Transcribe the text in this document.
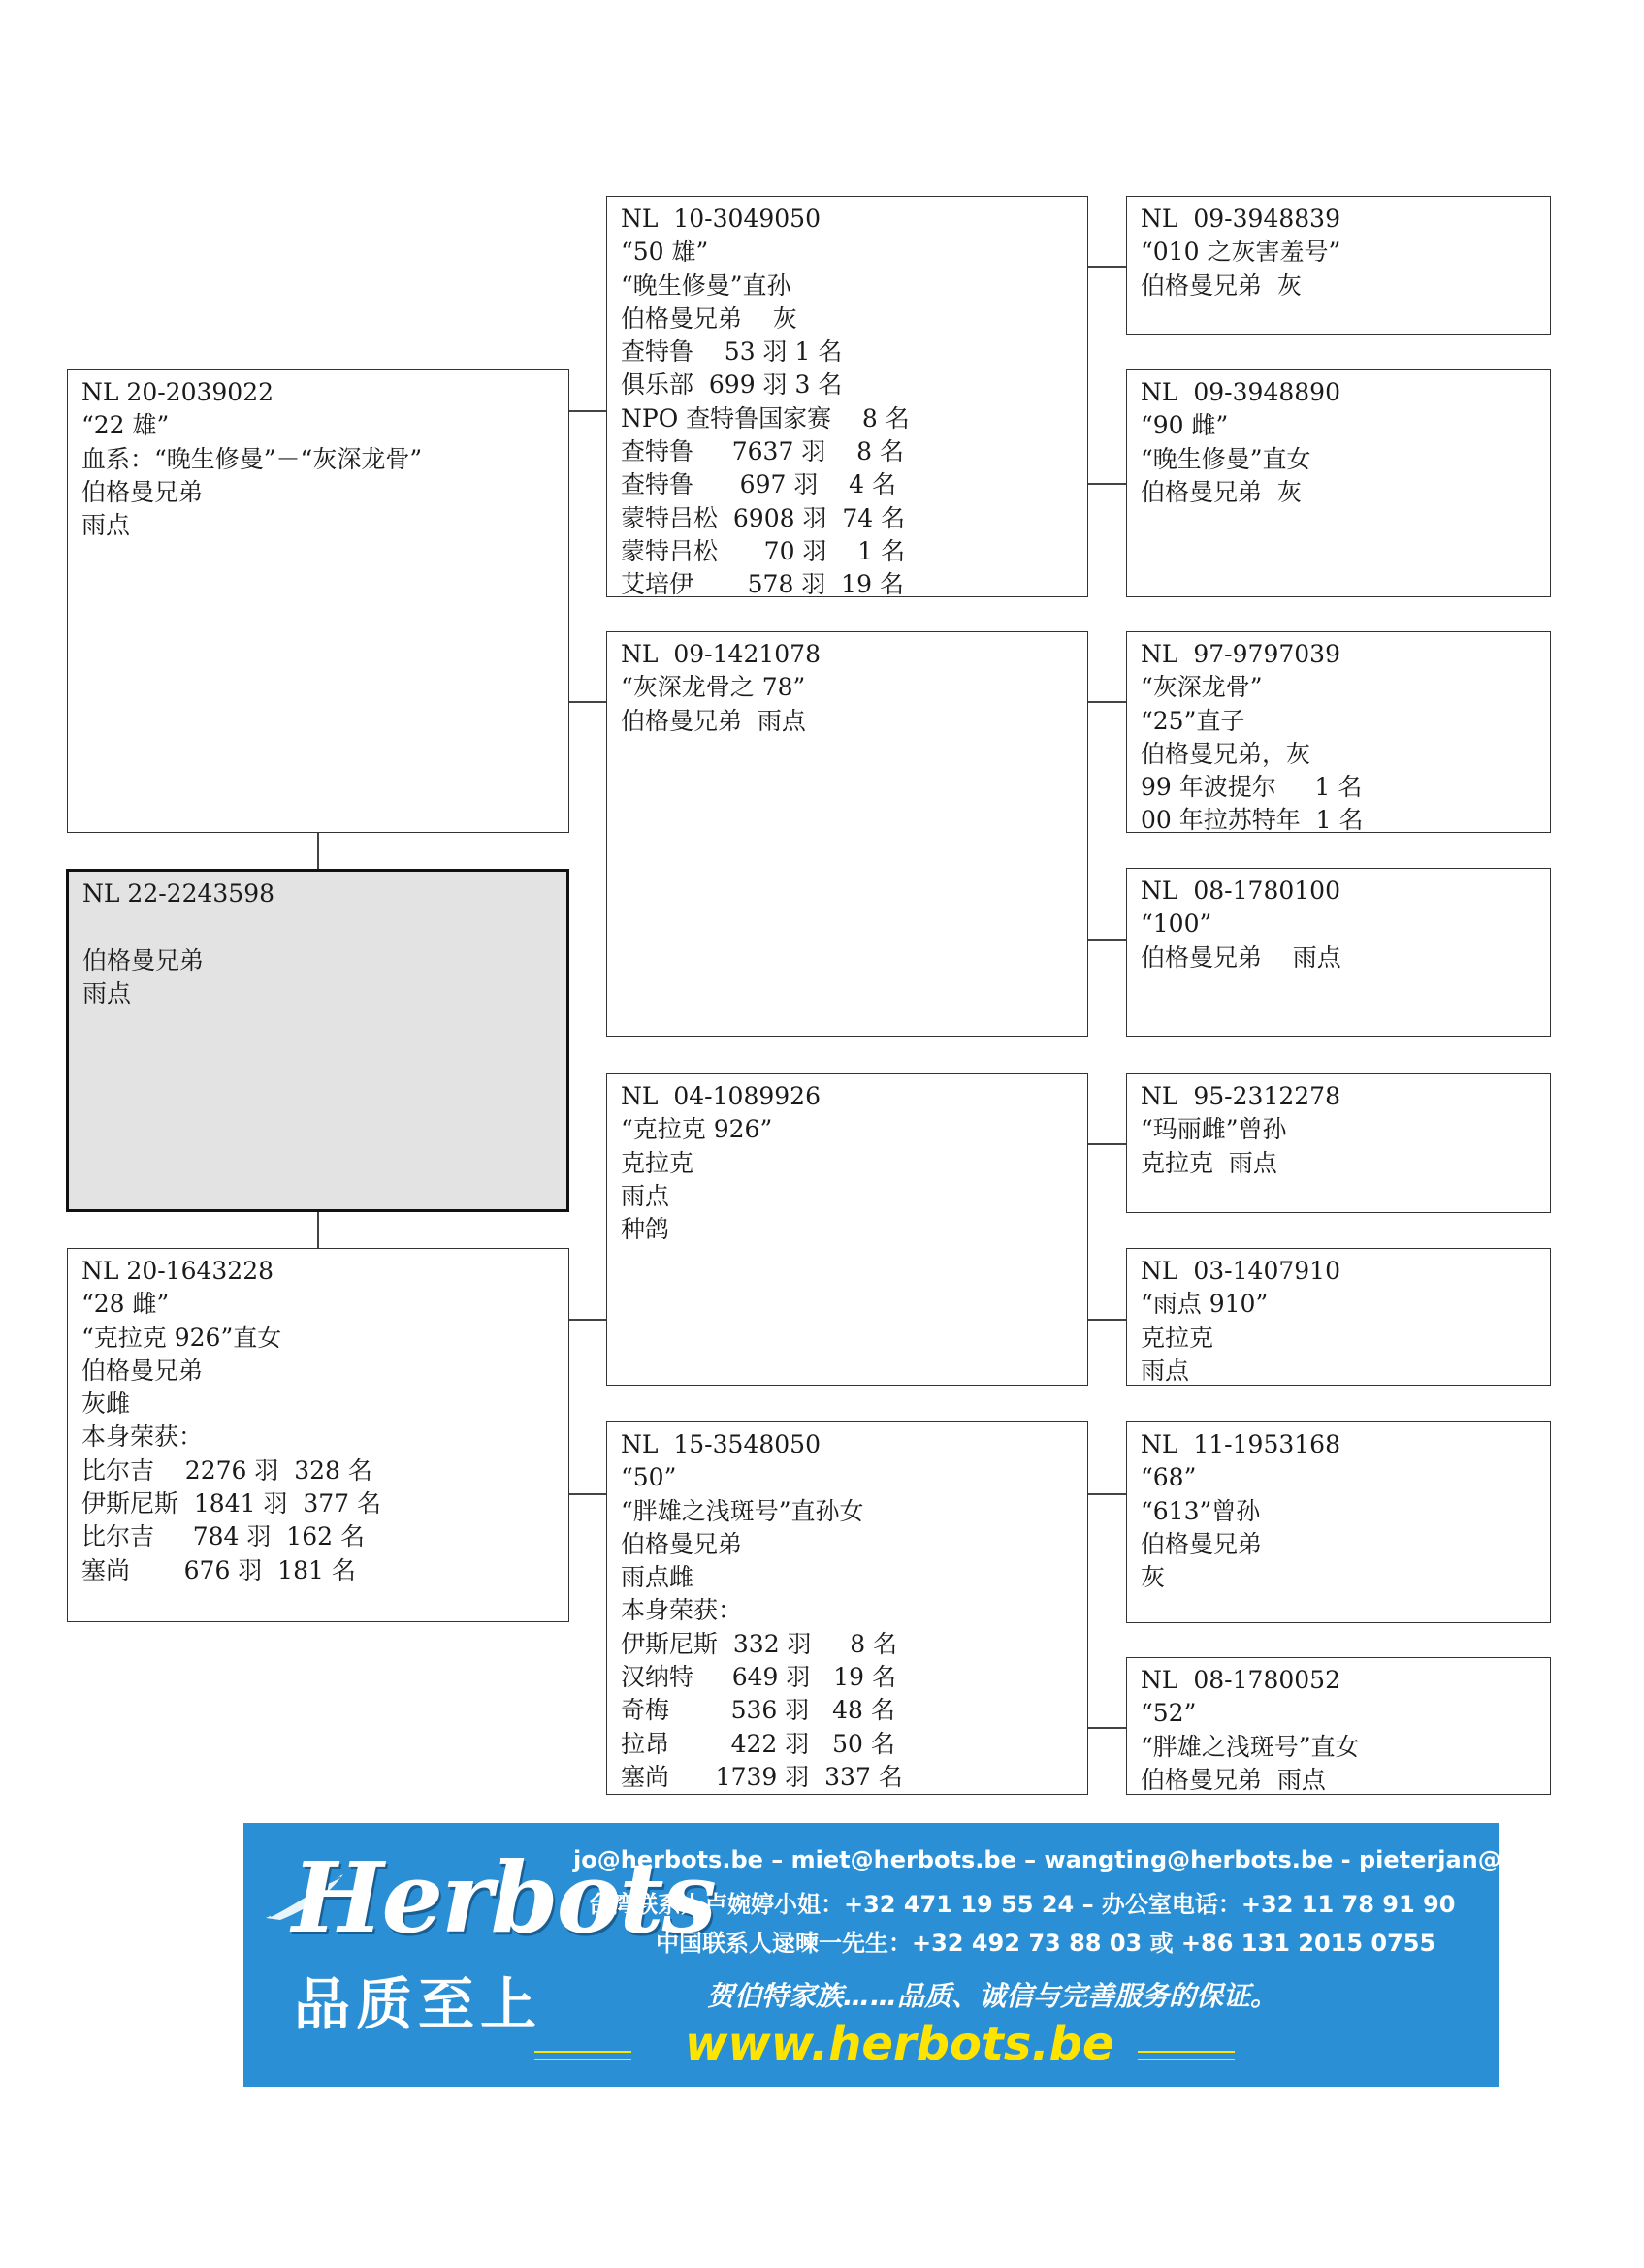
NL 20-2039022
“22 雄”
血系：“晚生修曼”－“灰深龙骨”
伯格曼兄弟
雨点
NL 22-2243598
伯格曼兄弟
雨点
NL 20-1643228
“28 雌”
“克拉克 926”直女
伯格曼兄弟
灰雌
本身荣获：
比尔吉    2276 羽  328 名
伊斯尼斯  1841 羽  377 名
比尔吉     784 羽  162 名
塞尚       676 羽  181 名
NL  10-3049050
“50 雄”
“晚生修曼”直孙
伯格曼兄弟    灰
查特鲁    53 羽 1 名
俱乐部  699 羽 3 名
NPO 查特鲁国家赛    8 名
查特鲁     7637 羽    8 名
查特鲁      697 羽    4 名
蒙特吕松  6908 羽  74 名
蒙特吕松      70 羽    1 名
艾培伊       578 羽  19 名
NL  09-1421078
“灰深龙骨之 78”
伯格曼兄弟  雨点
NL  04-1089926
“克拉克 926”
克拉克
雨点
种鸽
NL  15-3548050
“50”
“胖雄之浅斑号”直孙女
伯格曼兄弟
雨点雌
本身荣获：
伊斯尼斯  332 羽     8 名
汉纳特     649 羽   19 名
奇梅        536 羽   48 名
拉昂        422 羽   50 名
塞尚      1739 羽  337 名
NL  09-3948839
“010 之灰害羞号”
伯格曼兄弟  灰
NL  09-3948890
“90 雌”
“晚生修曼”直女
伯格曼兄弟  灰
NL  97-9797039
“灰深龙骨”
“25”直子
伯格曼兄弟，灰
99 年波提尔     1 名
00 年拉苏特年  1 名
NL  08-1780100
“100”
伯格曼兄弟    雨点
NL  95-2312278
“玛丽雌”曾孙
克拉克  雨点
NL  03-1407910
“雨点 910”
克拉克
雨点
NL  11-1953168
“68”
“613”曾孙
伯格曼兄弟
灰
NL  08-1780052
“52”
“胖雄之浅斑号”直女
伯格曼兄弟  雨点
Herbots
品质至上
jo@herbots.be – miet@herbots.be – wangting@herbots.be - pieterjan@herbots.be
台湾联系人卢婉婷小姐：+32 471 19 55 24 – 办公室电话：+32 11 78 91 90
中国联系人逯暕一先生：+32 492 73 88 03 或 +86 131 2015 0755
贺伯特家族……品质、诚信与完善服务的保证。
www.herbots.be
